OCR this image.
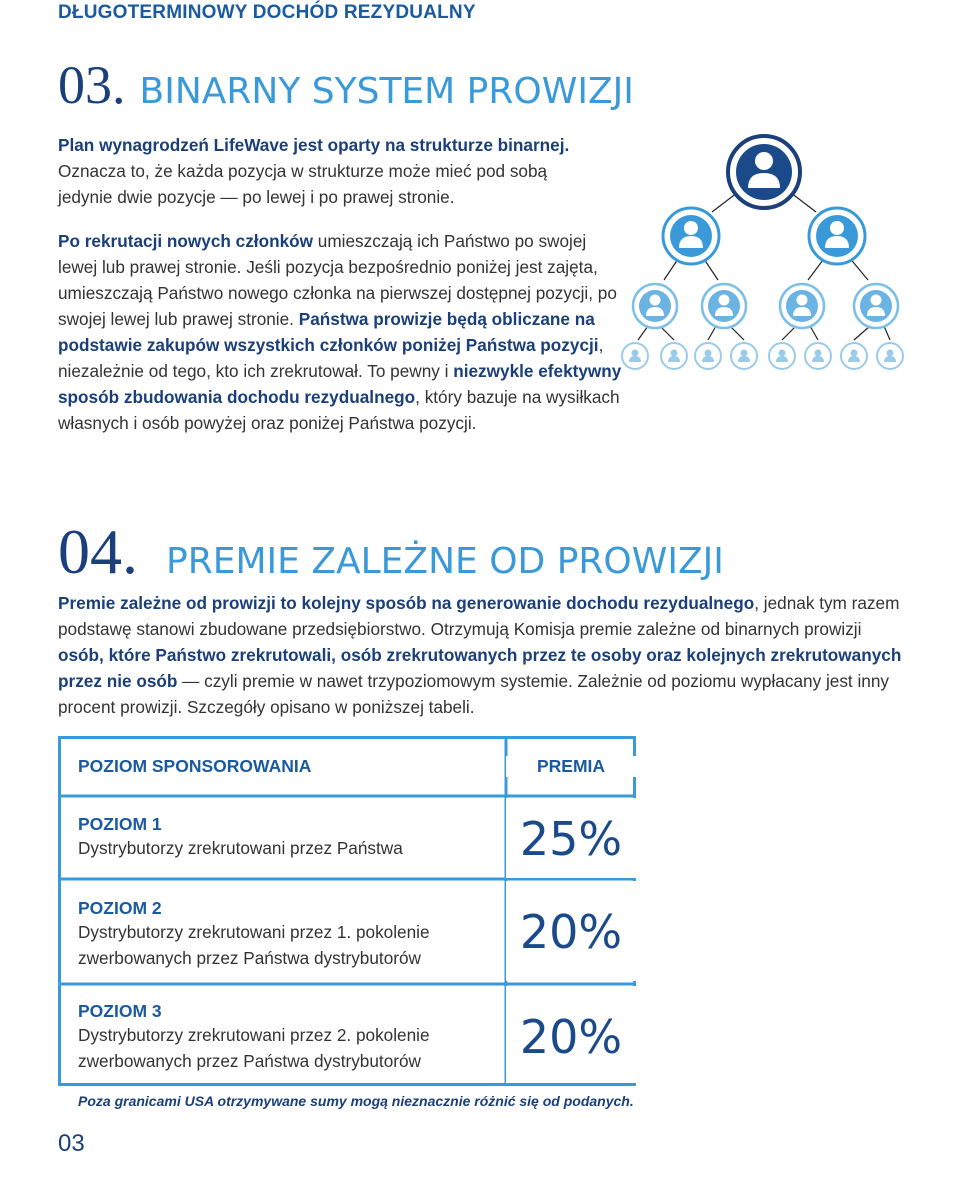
DŁUGOTERMINOWY DOCHÓD REZYDUALNY
03. BINARNY SYSTEM PROWIZJI
Plan wynagrodzeń LifeWave jest oparty na strukturze binarnej. Oznacza to, że każda pozycja w strukturze może mieć pod sobą jedynie dwie pozycje — po lewej i po prawej stronie.
Po rekrutacji nowych członków umieszczają ich Państwo po swojej lewej lub prawej stronie. Jeśli pozycja bezpośrednio poniżej jest zajęta, umieszczają Państwo nowego członka na pierwszej dostępnej pozycji, po swojej lewej lub prawej stronie. Państwa prowizje będą obliczane na podstawie zakupów wszystkich członków poniżej Państwa pozycji, niezależnie od tego, kto ich zrekrutował. To pewny i niezwykle efektywny sposób zbudowania dochodu rezydualnego, który bazuje na wysiłkach własnych i osób powyżej oraz poniżej Państwa pozycji.
04. PREMIE ZALEŻNE OD PROWIZJI
Premie zależne od prowizji to kolejny sposób na generowanie dochodu rezydualnego, jednak tym razem podstawę stanowi zbudowane przedsiębiorstwo. Otrzymują Komisja premie zależne od binarnych prowizji osób, które Państwo zrekrutowali, osób zrekrutowanych przez te osoby oraz kolejnych zrekrutowanych przez nie osób — czyli premie w nawet trzypoziomowym systemie. Zależnie od poziomu wypłacany jest inny procent prowizji. Szczegóły opisano w poniższej tabeli.
POZIOM SPONSOROWANIA	PREMIA
POZIOM 1
Dystrybutorzy zrekrutowani przez Państwa	25%
POZIOM 2
Dystrybutorzy zrekrutowani przez 1. pokolenie zwerbowanych przez Państwa dystrybutorów	20%
POZIOM 3
Dystrybutorzy zrekrutowani przez 2. pokolenie zwerbowanych przez Państwa dystrybutorów	20%
Poza granicami USA otrzymywane sumy mogą nieznacznie różnić się od podanych.
03
